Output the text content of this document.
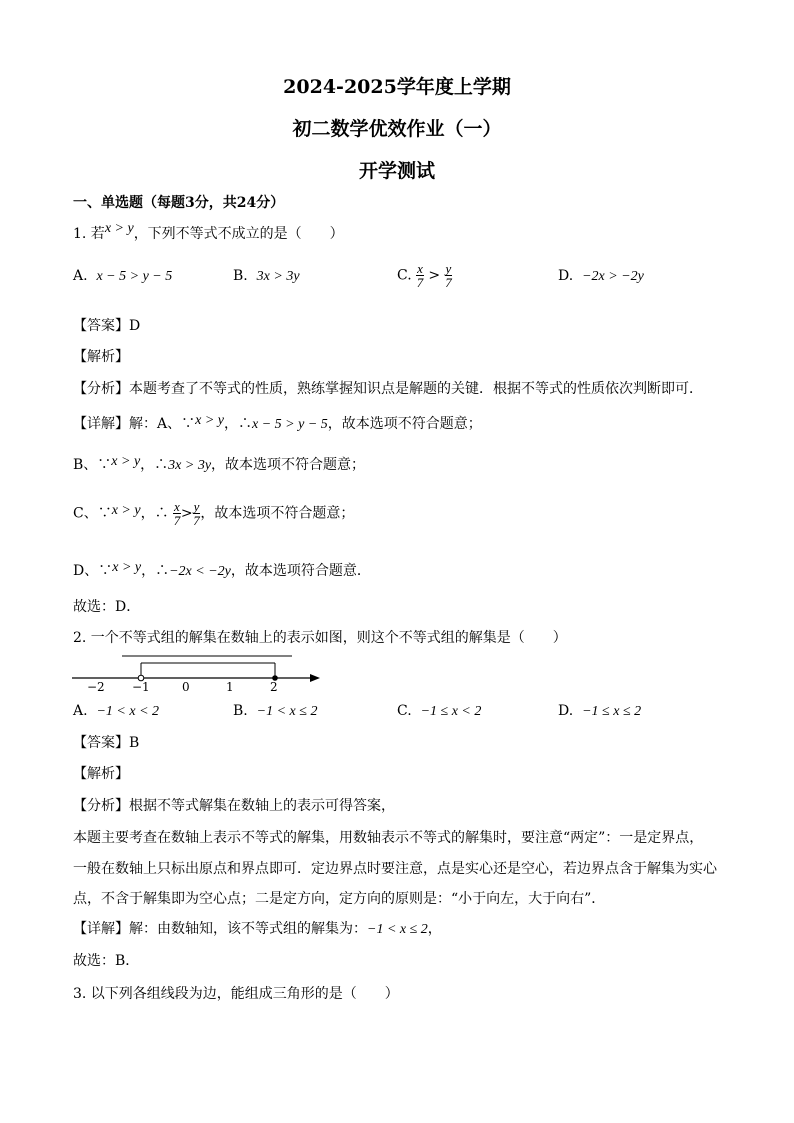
2024-2025学年度上学期
初二数学优效作业（一）
开学测试
一、单选题（每题3分，共24分）
1. 若x > y，下列不等式不成立的是（　　）
A. x − 5 > y − 5	B. 3x > 3y	C. $\frac{x}{7} > \frac{y}{7}$	D. −2x > −2y
【答案】D
【解析】
【分析】本题考查了不等式的性质，熟练掌握知识点是解题的关键．根据不等式的性质依次判断即可．
【详解】解：A、∵x > y，∴x − 5 > y − 5，故本选项不符合题意；
B、∵x > y，∴3x > 3y，故本选项不符合题意；
C、∵x > y，∴ $\frac{x}{7} > \frac{y}{7}$ ，故本选项不符合题意；
D、∵x > y，∴−2x < −2y，故本选项符合题意．
故选：D．
2. 一个不等式组的解集在数轴上的表示如图，则这个不等式组的解集是（　　）
−2 −1	0	1	2
A. −1 < x < 2	B. −1 < x ≤ 2	C. −1 ≤ x < 2	D. −1 ≤ x ≤ 2
【答案】B
【解析】
【分析】根据不等式解集在数轴上的表示可得答案，
本题主要考查在数轴上表示不等式的解集，用数轴表示不等式的解集时，要注意“两定”：一是定界点，
一般在数轴上只标出原点和界点即可．定边界点时要注意，点是实心还是空心，若边界点含于解集为实心
点，不含于解集即为空心点；二是定方向，定方向的原则是：“小于向左，大于向右”．
【详解】解：由数轴知，该不等式组的解集为：−1 < x ≤ 2，
故选：B．
3. 以下列各组线段为边，能组成三角形的是（　　）
